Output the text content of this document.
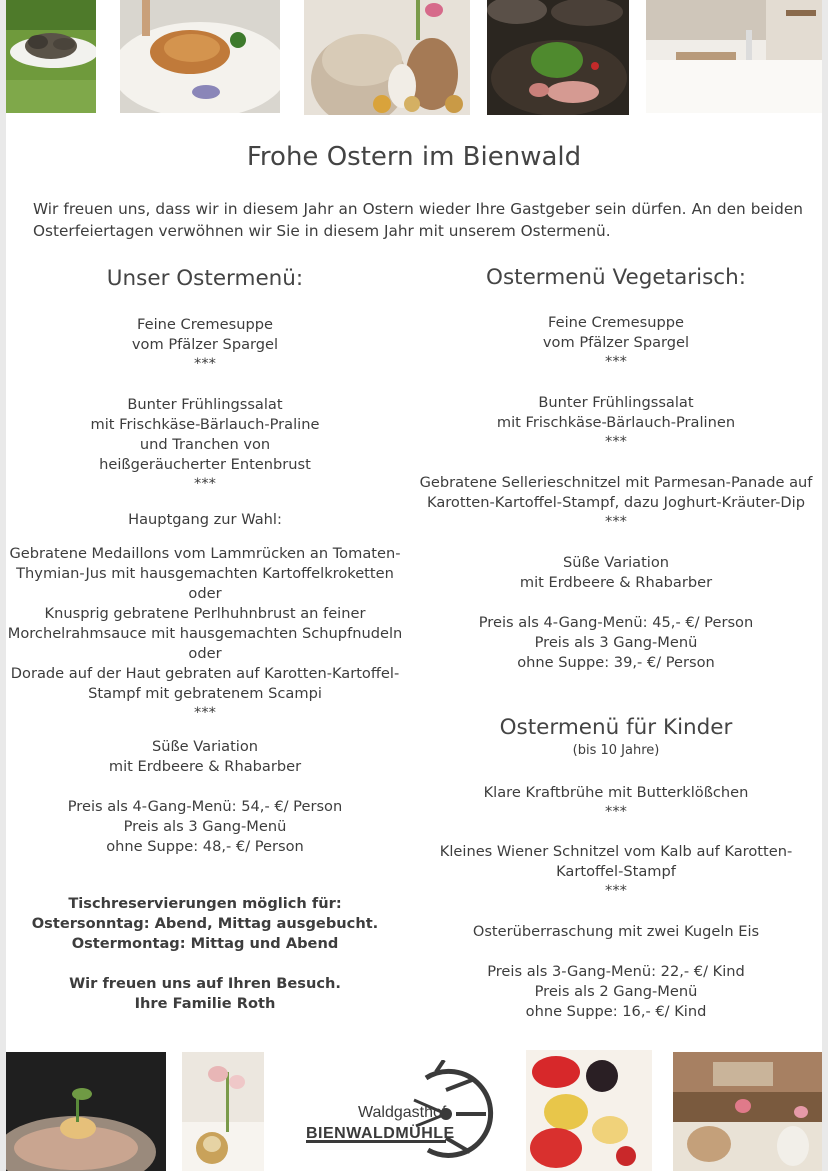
Frohe Ostern im Bienwald
Wir freuen uns, dass wir in diesem Jahr an Ostern wieder Ihre Gastgeber sein dürfen. An den beiden Osterfeiertagen verwöhnen wir Sie in diesem Jahr mit unserem Ostermenü.
Unser Ostermenü:
Feine Cremesuppe
vom Pfälzer Spargel
***
Bunter Frühlingssalat
mit Frischkäse-Bärlauch-Praline
und Tranchen von
heißgeräucherter Entenbrust
***
Hauptgang zur Wahl:
Gebratene Medaillons vom Lammrücken an Tomaten-
Thymian-Jus mit hausgemachten Kartoffelkroketten
oder
Knusprig gebratene Perlhuhnbrust an feiner
Morchelrahmsauce mit hausgemachten Schupfnudeln
oder
Dorade auf der Haut gebraten auf Karotten-Kartoffel-
Stampf mit gebratenem Scampi
***
Süße Variation
mit Erdbeere & Rhabarber
Preis als 4-Gang-Menü: 54,- €/ Person
Preis als 3 Gang-Menü
ohne Suppe: 48,- €/ Person
Tischreservierungen möglich für:
Ostersonntag: Abend, Mittag ausgebucht.
Ostermontag: Mittag und Abend
Wir freuen uns auf Ihren Besuch.
Ihre Familie Roth
Ostermenü Vegetarisch:
Feine Cremesuppe
vom Pfälzer Spargel
***
Bunter Frühlingssalat
mit Frischkäse-Bärlauch-Pralinen
***
Gebratene Sellerieschnitzel mit Parmesan-Panade auf
Karotten-Kartoffel-Stampf, dazu Joghurt-Kräuter-Dip
***
Süße Variation
mit Erdbeere & Rhabarber
Preis als 4-Gang-Menü: 45,- €/ Person
Preis als 3 Gang-Menü
ohne Suppe: 39,- €/ Person
Ostermenü für Kinder
(bis 10 Jahre)
Klare Kraftbrühe mit Butterklößchen
***
Kleines Wiener Schnitzel vom Kalb auf Karotten-
Kartoffel-Stampf
***
Osterüberraschung mit zwei Kugeln Eis
Preis als 3-Gang-Menü: 22,- €/ Kind
Preis als 2 Gang-Menü
ohne Suppe: 16,- €/ Kind
Waldgasthof
BIENWALDMÜHLE
